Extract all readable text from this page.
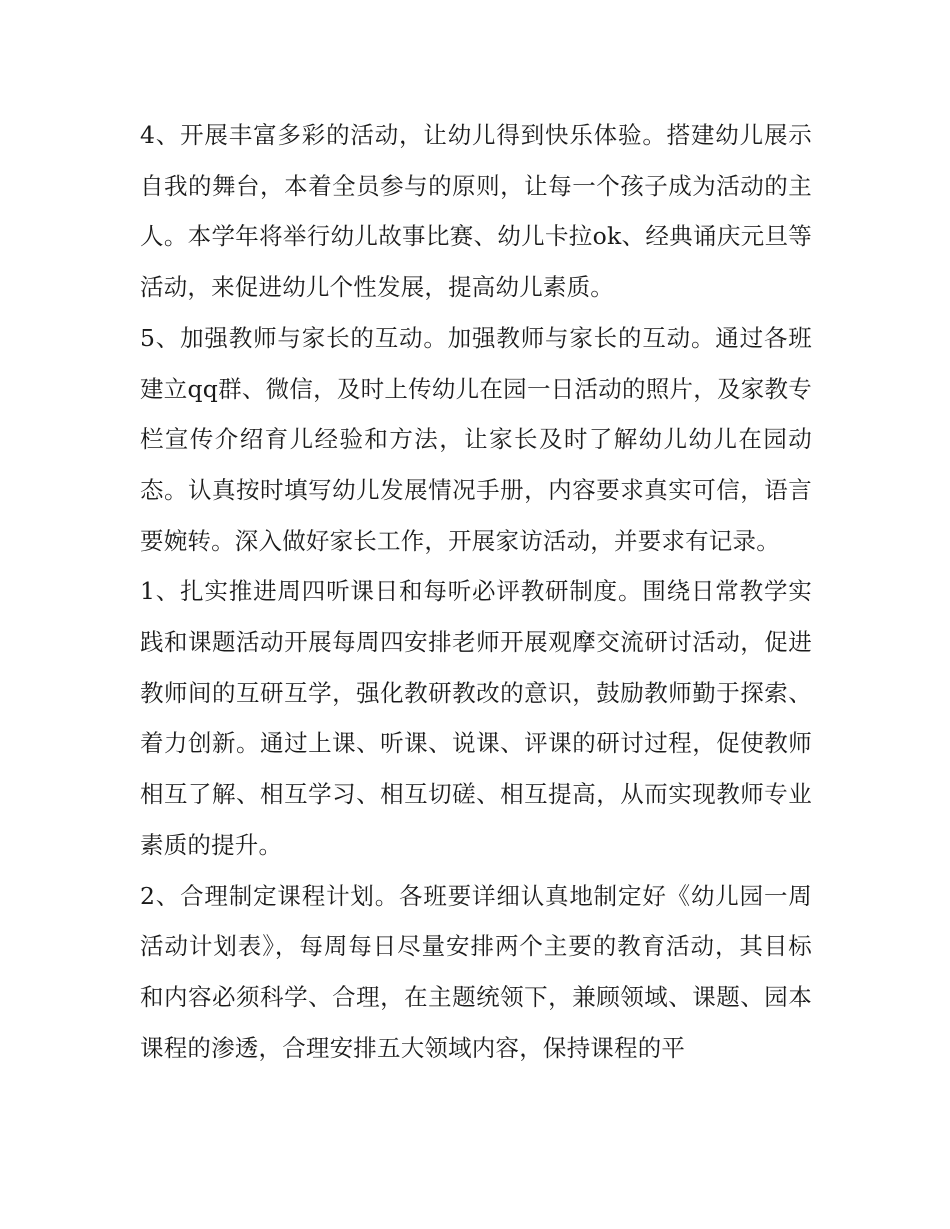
4、开展丰富多彩的活动，让幼儿得到快乐体验。搭建幼儿展示自我的舞台，本着全员参与的原则，让每一个孩子成为活动的主人。本学年将举行幼儿故事比赛、幼儿卡拉ok、经典诵庆元旦等活动，来促进幼儿个性发展，提高幼儿素质。

5、加强教师与家长的互动。加强教师与家长的互动。通过各班建立qq群、微信，及时上传幼儿在园一日活动的照片，及家教专栏宣传介绍育儿经验和方法，让家长及时了解幼儿幼儿在园动态。认真按时填写幼儿发展情况手册，内容要求真实可信，语言要婉转。深入做好家长工作，开展家访活动，并要求有记录。

1、扎实推进周四听课日和每听必评教研制度。围绕日常教学实践和课题活动开展每周四安排老师开展观摩交流研讨活动，促进教师间的互研互学，强化教研教改的意识，鼓励教师勤于探索、着力创新。通过上课、听课、说课、评课的研讨过程，促使教师相互了解、相互学习、相互切磋、相互提高，从而实现教师专业素质的提升。

2、合理制定课程计划。各班要详细认真地制定好《幼儿园一周活动计划表》，每周每日尽量安排两个主要的教育活动，其目标和内容必须科学、合理，在主题统领下，兼顾领域、课题、园本课程的渗透，合理安排五大领域内容，保持课程的平
